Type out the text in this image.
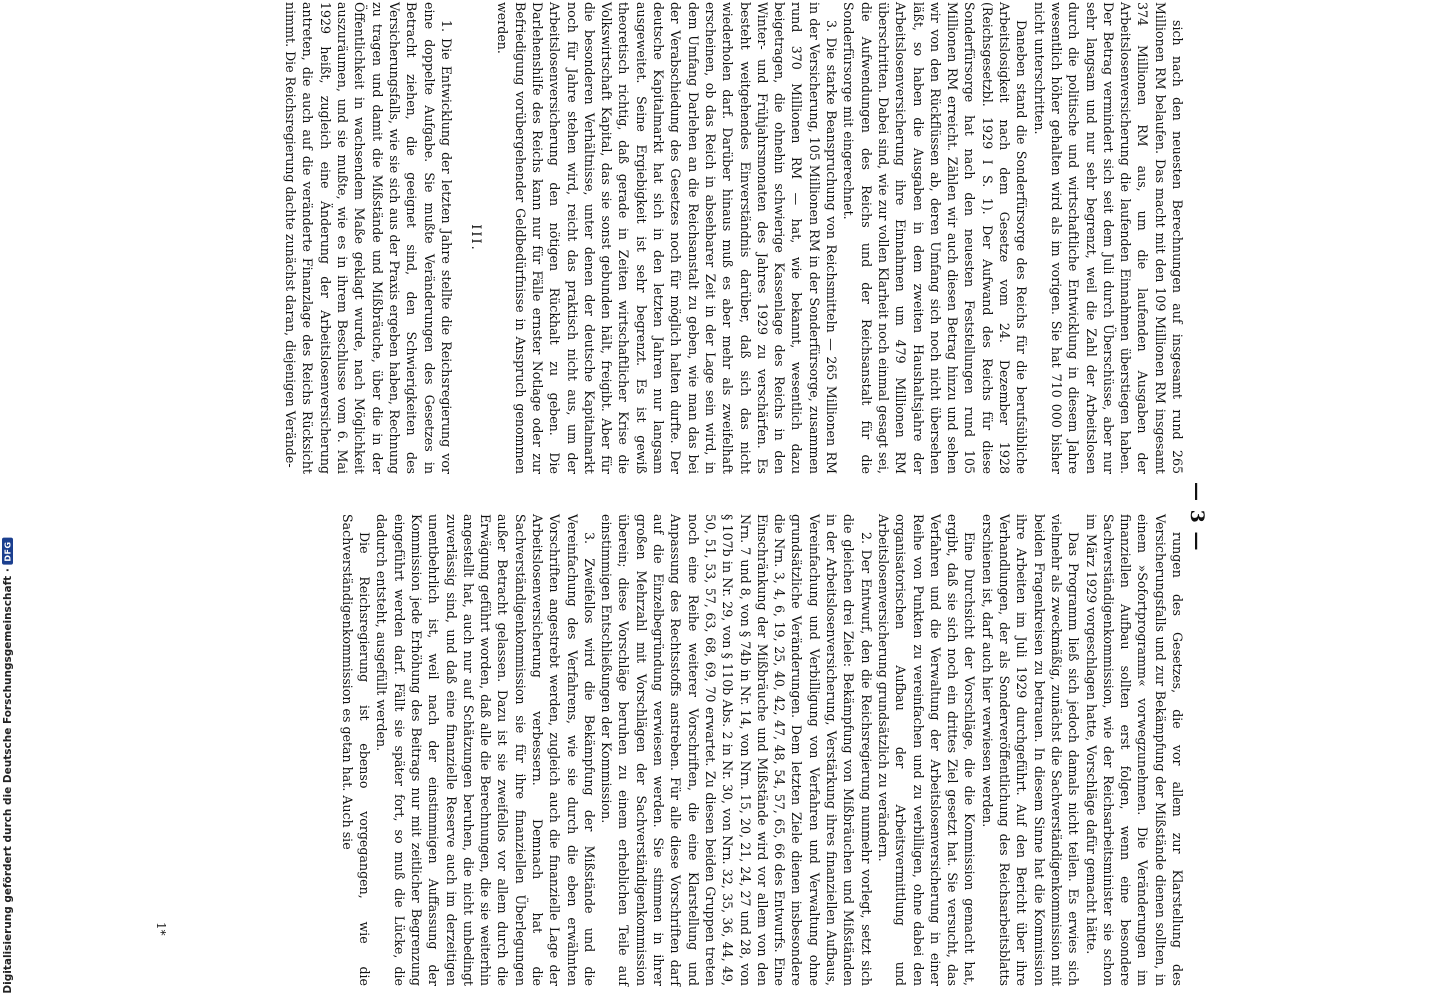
— 3 —

sich nach den neuesten Berechnungen auf insgesamt rund 265 Millionen RM belaufen. Das macht mit den 109 Millionen RM insgesamt 374 Millionen RM aus, um die laufenden Ausgaben der Arbeitslosenversicherung die laufenden Einnahmen überstiegen haben. Der Betrag vermindert sich seit dem Juli durch Überschüsse, aber nur sehr langsam und nur sehr begrenzt, weil die Zahl der Arbeitslosen durch die politische und wirtschaftliche Entwicklung in diesem Jahre wesentlich höher gehalten wird als im vorigen. Sie hat 710 000 bisher nicht unterschritten.

Daneben stand die Sonderfürsorge des Reichs für die berufsübliche Arbeitslosigkeit nach dem Gesetze vom 24. Dezember 1928 (Reichsgesetzbl. 1929 I S. 1). Der Aufwand des Reichs für diese Sonderfürsorge hat nach den neuesten Feststellungen rund 105 Millionen RM erreicht. Zählen wir auch diesen Betrag hinzu und sehen wir von den Rückflüssen ab, deren Umfang sich noch nicht übersehen läßt, so haben die Ausgaben in dem zweiten Haushaltsjahre der Arbeitslosenversicherung ihre Einnahmen um 479 Millionen RM überschritten. Dabei sind, wie zur vollen Klarheit noch einmal gesagt sei, die Aufwendungen des Reichs und der Reichsanstalt für die Sonderfürsorge mit eingerechnet.

3. Die starke Beanspruchung von Reichsmitteln — 265 Millionen RM in der Versicherung, 105 Millionen RM in der Sonderfürsorge, zusammen rund 370 Millionen RM — hat, wie bekannt, wesentlich dazu beigetragen, die ohnehin schwierige Kassenlage des Reichs in den Winter- und Frühjahrsmonaten des Jahres 1929 zu verschärfen. Es besteht weitgehendes Einverständnis darüber, daß sich das nicht wiederholen darf. Darüber hinaus muß es aber mehr als zweifelhaft erscheinen, ob das Reich in absehbarer Zeit in der Lage sein wird, in dem Umfang Darlehen an die Reichsanstalt zu geben, wie man das bei der Verabschiedung des Gesetzes noch für möglich halten durfte. Der deutsche Kapitalmarkt hat sich in den letzten Jahren nur langsam ausgeweitet. Seine Ergiebigkeit ist sehr begrenzt. Es ist gewiß theoretisch richtig, daß gerade in Zeiten wirtschaftlicher Krise die Volkswirtschaft Kapital, das sie sonst gebunden hält, freigibt. Aber für die besonderen Verhältnisse, unter denen der deutsche Kapitalmarkt noch für Jahre stehen wird, reicht das praktisch nicht aus, um der Arbeitslosenversicherung den nötigen Rückhalt zu geben. Die Darlehenshilfe des Reichs kann nur für Fälle ernster Notlage oder zur Befriedigung vorübergehender Geldbedürfnisse in Anspruch genommen werden.

III.

1. Die Entwicklung der letzten Jahre stellte die Reichsregierung vor eine doppelte Aufgabe. Sie mußte Veränderungen des Gesetzes in Betracht ziehen, die geeignet sind, den Schwierigkeiten des Versicherungsfalls, wie sie sich aus der Praxis ergeben haben, Rechnung zu tragen und damit die Mißstände und Mißbräuche, über die in der Öffentlichkeit in wachsendem Maße geklagt wurde, nach Möglichkeit auszuräumen, und sie mußte, wie es in ihrem Beschlusse vom 6. Mai 1929 heißt, zugleich eine Änderung der Arbeitslosenversicherung antreten, die auch auf die veränderte Finanzlage des Reichs Rücksicht nimmt. Die Reichsregierung dachte zunächst daran, diejenigen Verände-

rungen des Gesetzes, die vor allem zur Klarstellung des Versicherungsfalls und zur Bekämpfung der Mißstände dienen sollten, in einem »Sofortprogramm« vorwegzunehmen. Die Veränderungen im finanziellen Aufbau sollten erst folgen, wenn eine besondere Sachverständigenkommission, wie der Reichsarbeitsminister sie schon im März 1929 vorgeschlagen hatte, Vorschläge dafür gemacht hätte.

Das Programm ließ sich jedoch damals nicht teilen. Es erwies sich vielmehr als zweckmäßig, zunächst die Sachverständigenkommission mit beiden Fragenkreisen zu betrauen. In diesem Sinne hat die Kommission ihre Arbeiten im Juli 1929 durchgeführt. Auf den Bericht über ihre Verhandlungen, der als Sonderveröffentlichung des Reichsarbeitsblatts erschienen ist, darf auch hier verwiesen werden.

Eine Durchsicht der Vorschläge, die die Kommission gemacht hat, ergibt, daß sie sich noch ein drittes Ziel gesetzt hat. Sie versucht, das Verfahren und die Verwaltung der Arbeitslosenversicherung in einer Reihe von Punkten zu vereinfachen und zu verbilligen, ohne dabei den organisatorischen Aufbau der Arbeitsvermittlung und Arbeitslosenversicherung grundsätzlich zu verändern.

2. Der Entwurf, den die Reichsregierung nunmehr vorlegt, setzt sich die gleichen drei Ziele: Bekämpfung von Mißbräuchen und Mißständen in der Arbeitslosenversicherung, Verstärkung ihres finanziellen Aufbaus, Vereinfachung und Verbilligung von Verfahren und Verwaltung ohne grundsätzliche Veränderungen. Dem letzten Ziele dienen insbesondere die Nrn. 3, 4, 6, 19, 25, 40, 42, 47, 48, 54, 57, 65, 66 des Entwurfs. Eine Einschränkung der Mißbräuche und Mißstände wird vor allem von den Nrn. 7 und 8, von § 74b in Nr. 14, von Nrn. 15, 20, 21, 24, 27 und 28, von § 107b in Nr. 29, von § 110b Abs. 2 in Nr. 30, von Nrn. 32, 35, 36, 44, 49, 50, 51, 53, 57, 63, 68, 69, 70 erwartet. Zu diesen beiden Gruppen treten noch eine Reihe weiterer Vorschriften, die eine Klarstellung und Anpassung des Rechtsstoffs anstreben. Für alle diese Vorschriften darf auf die Einzelbegründung verwiesen werden. Sie stimmen in ihrer großen Mehrzahl mit Vorschlägen der Sachverständigenkommission überein; diese Vorschläge beruhen zu einem erheblichen Teile auf einstimmigen Entschließungen der Kommission.

3. Zweifellos wird die Bekämpfung der Mißstände und die Vereinfachung des Verfahrens, wie sie durch die eben erwähnten Vorschriften angestrebt werden, zugleich auch die finanzielle Lage der Arbeitslosenversicherung verbessern. Demnach hat die Sachverständigenkommission sie für ihre finanziellen Überlegungen außer Betracht gelassen. Dazu ist sie zweifellos vor allem durch die Erwägung geführt worden, daß alle die Berechnungen, die sie weiterhin angestellt hat, auch nur auf Schätzungen beruhen, die nicht unbedingt zuverlässig sind, und daß eine finanzielle Reserve auch im derzeitigen unentbehrlich ist, weil nach der einstimmigen Auffassung der Kommission jede Erhöhung des Beitrags nur mit zeitlicher Begrenzung eingeführt werden darf. Fällt sie später fort, so muß die Lücke, die dadurch entsteht, ausgefüllt werden.

Die Reichsregierung ist ebenso vorgegangen, wie die Sachverständigenkommission es getan hat. Auch sie

1*
Digitalisierung gefördert durch die Deutsche Forschungsgemeinschaft ·
DFG
